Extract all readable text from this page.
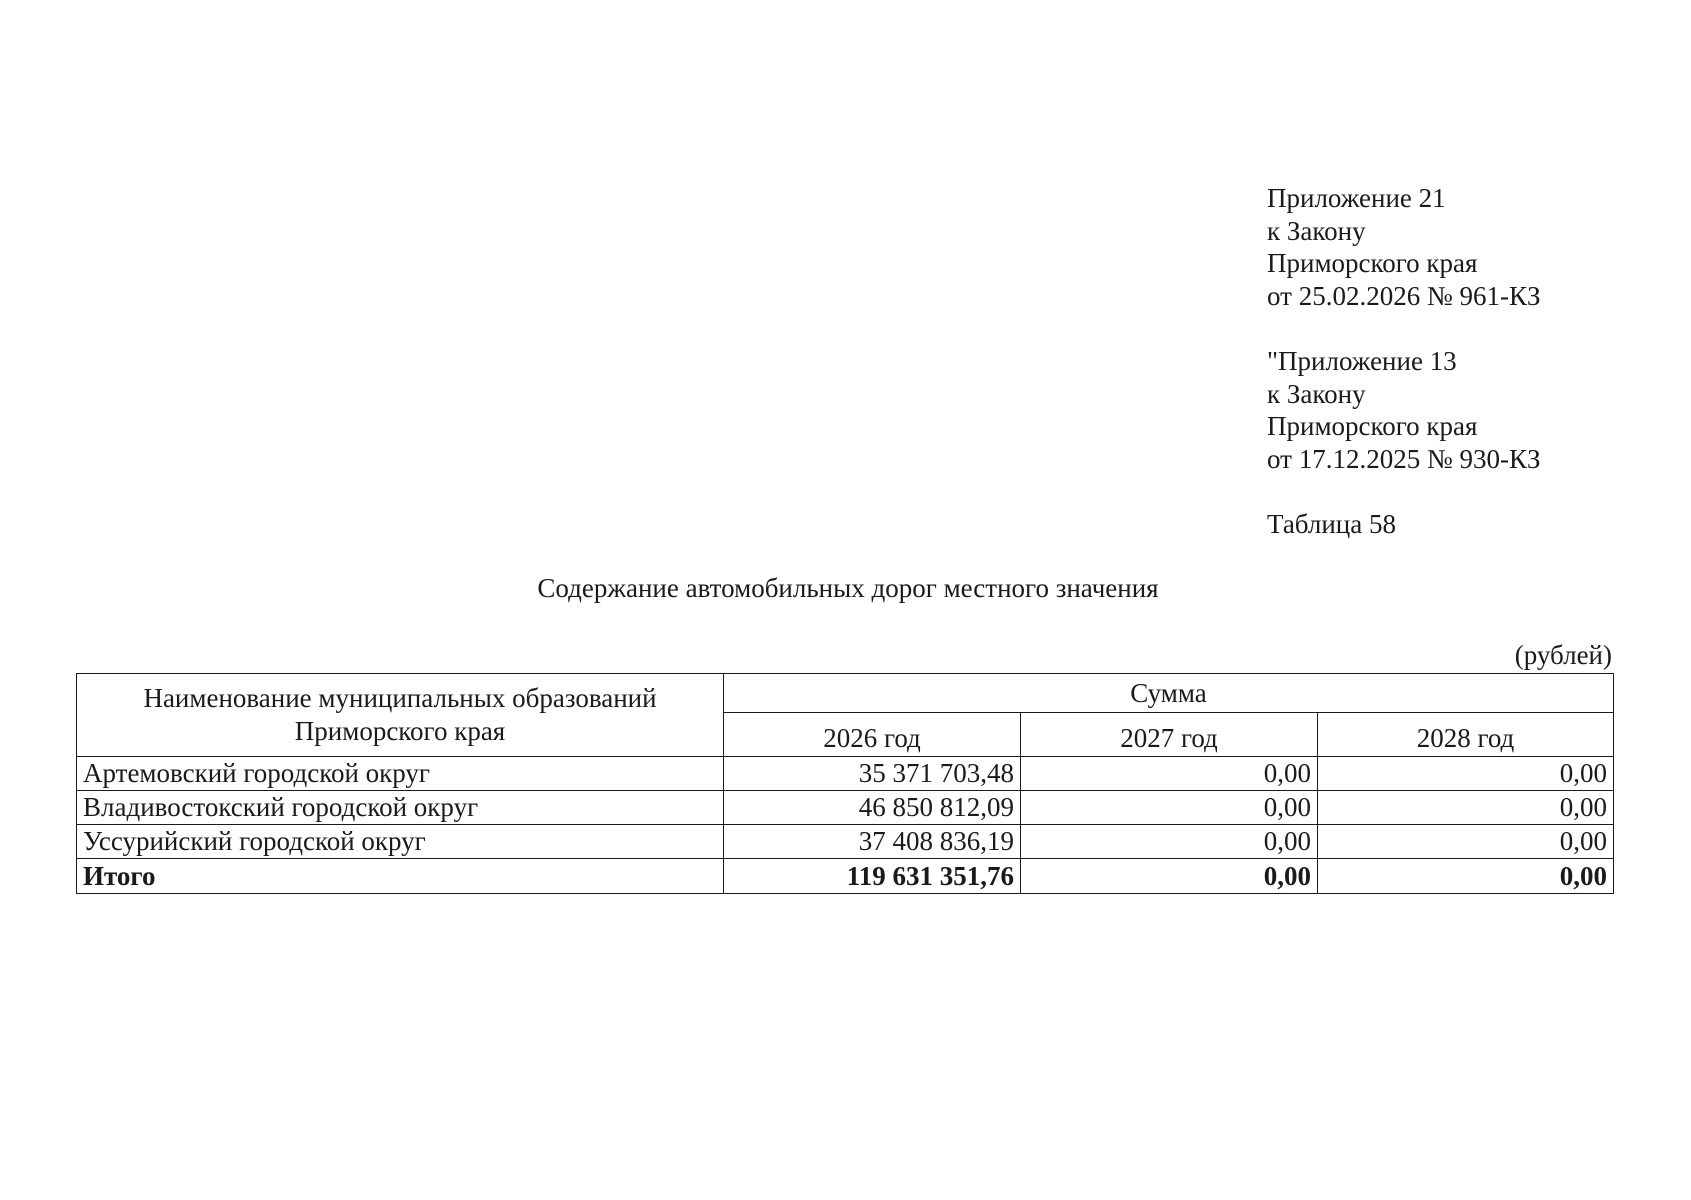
Приложение 21
к Закону
Приморского края
от 25.02.2026 № 961-КЗ
"Приложение 13
к Закону
Приморского края
от 17.12.2025 № 930-КЗ
Таблица 58
Содержание автомобильных дорог местного значения
(рублей)
Наименование муниципальных образований
Приморского края	Сумма		
	2026 год	2027 год	2028 год
Артемовский городской округ	35 371 703,48	0,00	0,00
Владивостокский городской округ	46 850 812,09	0,00	0,00
Уссурийский городской округ	37 408 836,19	0,00	0,00
Итого	119 631 351,76	0,00	0,00
